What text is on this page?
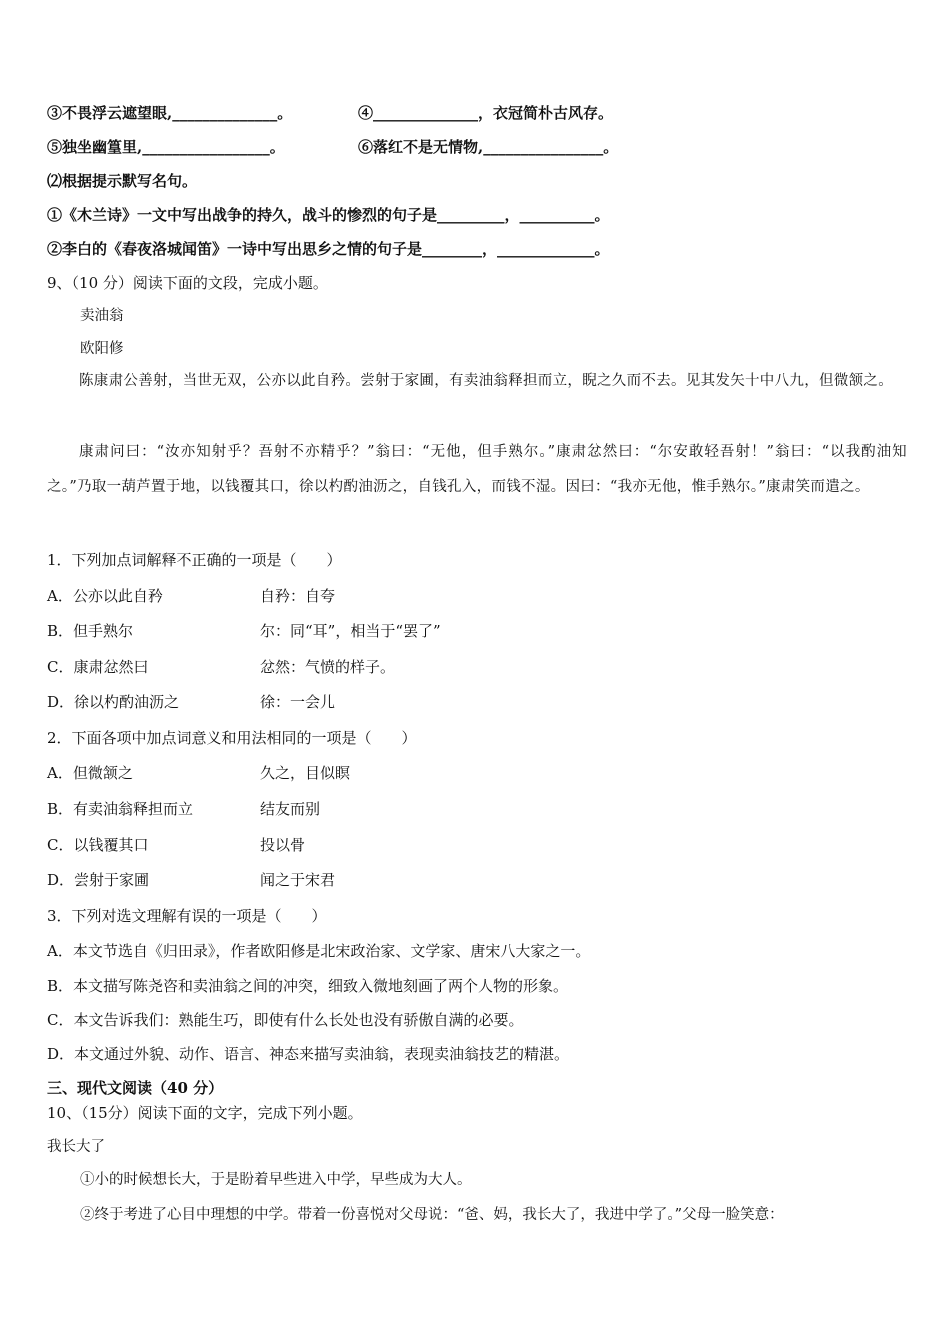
③不畏浮云遮望眼,______________。	④______________，衣冠简朴古风存。
⑤独坐幽篁里,_________________。	⑥落红不是无情物,________________。
⑵根据提示默写名句。
①《木兰诗》一文中写出战争的持久，战斗的惨烈的句子是_________，__________。
②李白的《春夜洛城闻笛》一诗中写出思乡之情的句子是________，_____________。
9、（10 分）阅读下面的文段，完成小题。
卖油翁
欧阳修
陈康肃公善射，当世无双，公亦以此自矜。尝射于家圃，有卖油翁释担而立，睨之久而不去。见其发矢十中八九，但微颔之。
康肃问曰：“汝亦知射乎？吾射不亦精乎？”翁曰：“无他，但手熟尔。”康肃忿然曰：“尔安敢轻吾射！”翁曰：“以我酌油知之。”乃取一葫芦置于地，以钱覆其口，徐以杓酌油沥之，自钱孔入，而钱不湿。因曰：“我亦无他，惟手熟尔。”康肃笑而遣之。
1．下列加点词解释不正确的一项是（　　）
A．公亦以此自矜	自矜：自夸
B．但手熟尔	尔：同“耳”，相当于“罢了”
C．康肃忿然曰	忿然：气愤的样子。
D．徐以杓酌油沥之	徐：一会儿
2．下面各项中加点词意义和用法相同的一项是（　　）
A．但微颔之	久之，目似瞑
B．有卖油翁释担而立	结友而别
C．以钱覆其口	投以骨
D．尝射于家圃	闻之于宋君
3．下列对选文理解有误的一项是（　　）
A．本文节选自《归田录》，作者欧阳修是北宋政治家、文学家、唐宋八大家之一。
B．本文描写陈尧咨和卖油翁之间的冲突，细致入微地刻画了两个人物的形象。
C．本文告诉我们：熟能生巧，即使有什么长处也没有骄傲自满的必要。
D．本文通过外貌、动作、语言、神态来描写卖油翁，表现卖油翁技艺的精湛。
三、现代文阅读（40 分）
10、（15分）阅读下面的文字，完成下列小题。
我长大了
①小的时候想长大，于是盼着早些进入中学，早些成为大人。
②终于考进了心目中理想的中学。带着一份喜悦对父母说：“爸、妈，我长大了，我进中学了。”父母一脸笑意：
